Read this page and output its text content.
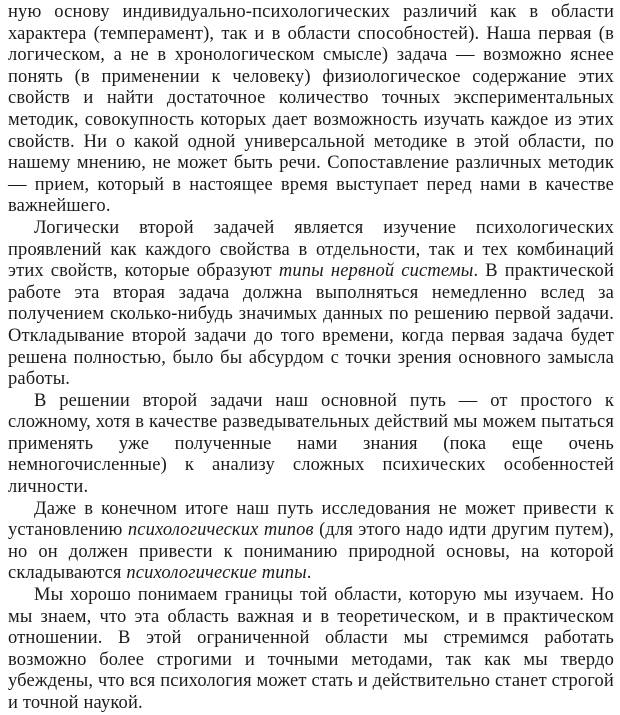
ную основу индивидуально-психологических различий как в области характера (темперамент), так и в области способностей). Наша первая (в логическом, а не в хронологическом смысле) задача — возможно яснее понять (в применении к человеку) физиологическое содержание этих свойств и найти достаточное количество точных экспериментальных методик, совокупность которых дает возможность изучать каждое из этих свойств. Ни о какой одной универсальной методике в этой области, по нашему мнению, не может быть речи. Сопоставление различных методик — прием, который в настоящее время выступает перед нами в качестве важнейшего.

Логически второй задачей является изучение психологических проявлений как каждого свойства в отдельности, так и тех комбинаций этих свойств, которые образуют типы нервной системы. В практической работе эта вторая задача должна выполняться немедленно вслед за получением сколько-нибудь значимых данных по решению первой задачи. Откладывание второй задачи до того времени, когда первая задача будет решена полностью, было бы абсурдом с точки зрения основного замысла работы.

В решении второй задачи наш основной путь — от простого к сложному, хотя в качестве разведывательных действий мы можем пытаться применять уже полученные нами знания (пока еще очень немногочисленные) к анализу сложных психических особенностей личности.

Даже в конечном итоге наш путь исследования не может привести к установлению психологических типов (для этого надо идти другим путем), но он должен привести к пониманию природной основы, на которой складываются психологические типы.

Мы хорошо понимаем границы той области, которую мы изучаем. Но мы знаем, что эта область важная и в теоретическом, и в практическом отношении. В этой ограниченной области мы стремимся работать возможно более строгими и точными методами, так как мы твердо убеждены, что вся психология может стать и действительно станет строгой и точной наукой.
